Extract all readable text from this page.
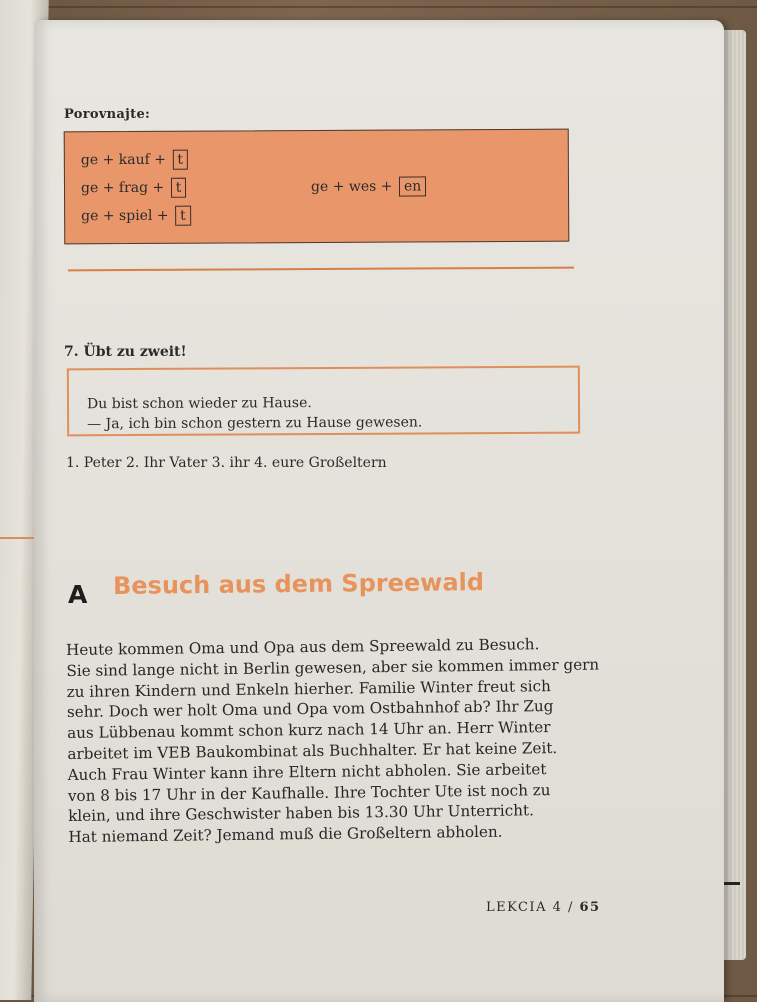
Porovnajte:
ge + kauf + t
ge + frag + t
ge + spiel + t
ge + wes + en
7. Übt zu zweit!
Du bist schon wieder zu Hause.
— Ja, ich bin schon gestern zu Hause gewesen.
1. Peter 2. Ihr Vater 3. ihr 4. eure Großeltern
A Besuch aus dem Spreewald
Heute kommen Oma und Opa aus dem Spreewald zu Besuch.
Sie sind lange nicht in Berlin gewesen, aber sie kommen immer gern
zu ihren Kindern und Enkeln hierher. Familie Winter freut sich
sehr. Doch wer holt Oma und Opa vom Ostbahnhof ab? Ihr Zug
aus Lübbenau kommt schon kurz nach 14 Uhr an. Herr Winter
arbeitet im VEB Baukombinat als Buchhalter. Er hat keine Zeit.
Auch Frau Winter kann ihre Eltern nicht abholen. Sie arbeitet
von 8 bis 17 Uhr in der Kaufhalle. Ihre Tochter Ute ist noch zu
klein, und ihre Geschwister haben bis 13.30 Uhr Unterricht.
Hat niemand Zeit? Jemand muß die Großeltern abholen.
LEKCIA 4 / 65
